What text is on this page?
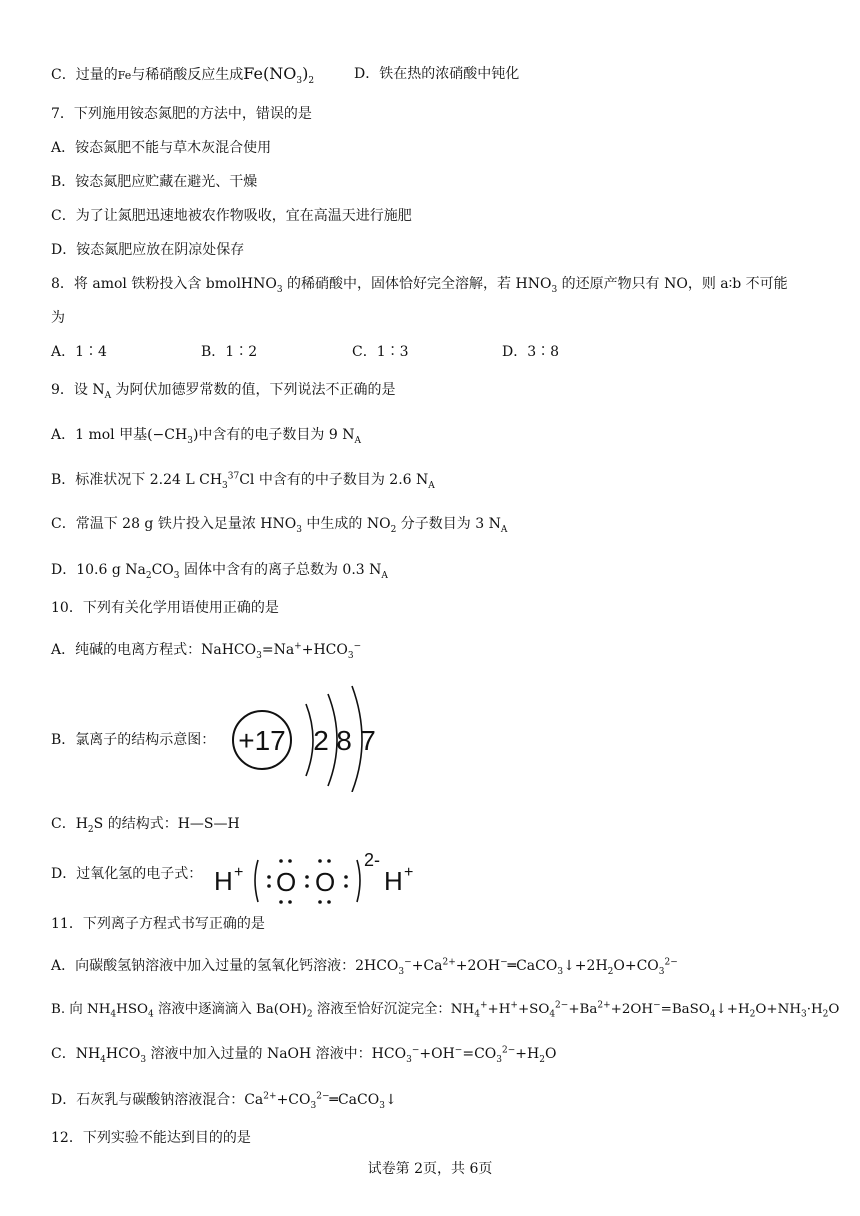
C．过量的Fe与稀硝酸反应生成$Fe(NO_3)_2$	D．铁在热的浓硝酸中钝化
7．下列施用铵态氮肥的方法中，错误的是
A．铵态氮肥不能与草木灰混合使用
B．铵态氮肥应贮藏在避光、干燥
C．为了让氮肥迅速地被农作物吸收，宜在高温天进行施肥
D．铵态氮肥应放在阴凉处保存
8．将 amol 铁粉投入含 bmolHNO$_3$ 的稀硝酸中，固体恰好完全溶解，若 $HNO_3$ 的还原产物只有 NO，则 a∶b 不可能
为
A．1∶4	B．1∶2	C．1∶3	D．3∶8
9．设 $N_A$ 为阿伏加德罗常数的值，下列说法不正确的是
A．1 mol 甲基$(-CH_3)$中含有的电子数目为 9 $N_A$
B．标准状况下 2.24 L $CH_3^{37}Cl$ 中含有的中子数目为 2.6 $N_A$
C．常温下 28 g 铁片投入足量浓 $HNO_3$ 中生成的 $NO_2$ 分子数目为 3 $N_A$
D．10.6 g $Na_2CO_3$ 固体中含有的离子总数为 0.3 $N_A$
10．下列有关化学用语使用正确的是
A．纯碱的电离方程式：$NaHCO_3=Na^++HCO_3^-$
B．氯离子的结构示意图： +17 2 8 7
C．$H_2S$ 的结构式：H—S—H
D．过氧化氢的电子式： H + O O
2-
H +
11．下列离子方程式书写正确的是
A．向碳酸氢钠溶液中加入过量的氢氧化钙溶液：$2HCO_3^-+Ca^{2+}+2OH^-═CaCO_3↓+2H_2O+CO_3^{2-}$
B. 向 $NH_4HSO_4$ 溶液中逐滴滴入 $Ba(OH)_2$ 溶液至恰好沉淀完全：$NH_4^++H^++SO_4^{2-}+Ba^{2+}+2OH^-=BaSO_4↓+H_2O+NH_3\cdot H_2O$
C．$NH_4HCO_3$ 溶液中加入过量的 NaOH 溶液中：$HCO_3^-+OH^-=CO_3^{2-}+H_2O$
D．石灰乳与碳酸钠溶液混合：$Ca^{2+}+CO_3^{2-}═CaCO_3↓$
12．下列实验不能达到目的的是
试卷第 2页，共 6页
